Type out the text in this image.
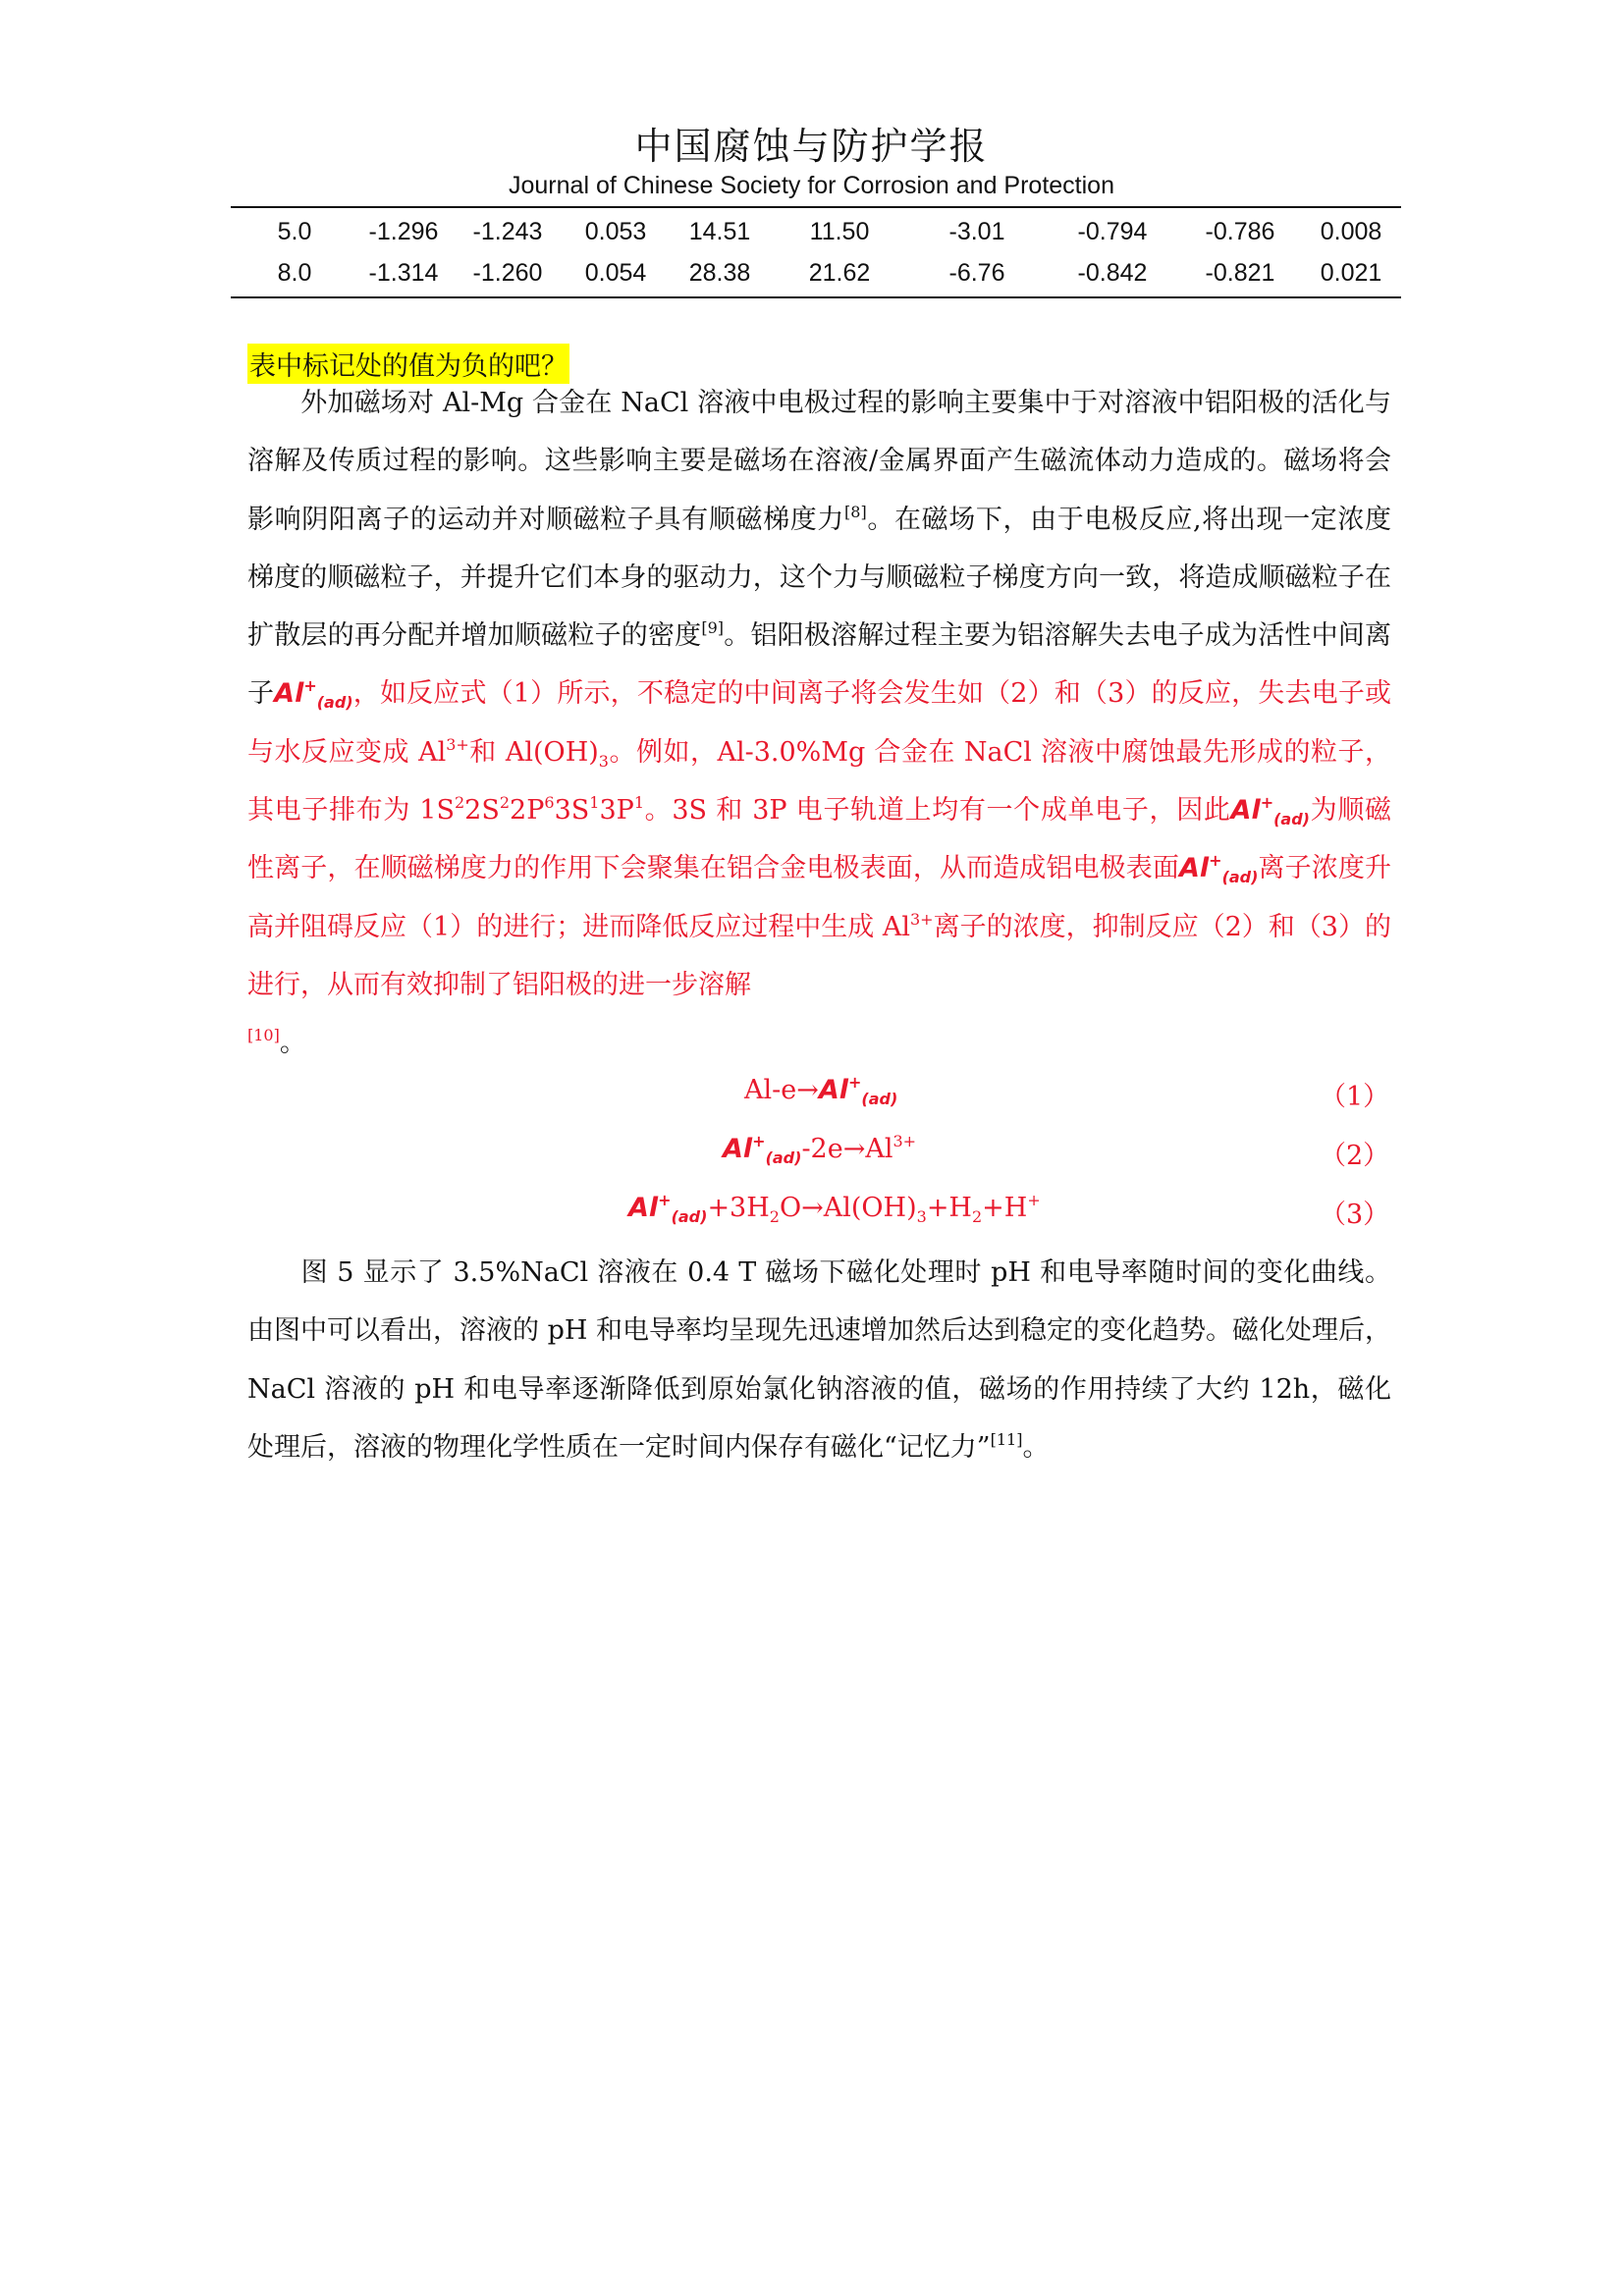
中国腐蚀与防护学报
Journal of Chinese Society for Corrosion and Protection
5.0	-1.296	-1.243	0.053	14.51	11.50	-3.01	-0.794	-0.786	0.008
8.0	-1.314	-1.260	0.054	28.38	21.62	-6.76	-0.842	-0.821	0.021
表中标记处的值为负的吧？
外加磁场对 Al-Mg 合金在 NaCl 溶液中电极过程的影响主要集中于对溶液中铝阳极的活化与溶解及传质过程的影响。这些影响主要是磁场在溶液/金属界面产生磁流体动力造成的。磁场将会影响阴阳离子的运动并对顺磁粒子具有顺磁梯度力[8]。在磁场下，由于电极反应,将出现一定浓度梯度的顺磁粒子，并提升它们本身的驱动力，这个力与顺磁粒子梯度方向一致，将造成顺磁粒子在扩散层的再分配并增加顺磁粒子的密度[9]。铝阳极溶解过程主要为铝溶解失去电子成为活性中间离子$Al^+_{(ad)}$，如反应式（1）所示，不稳定的中间离子将会发生如（2）和（3）的反应，失去电子或与水反应变成 $Al^{3+}$和 $Al(OH)_3$。例如，Al-3.0%Mg 合金在 NaCl 溶液中腐蚀最先形成的粒子，其电子排布为 $1S^22S^22P^63S^13P^1$。3S 和 3P 电子轨道上均有一个成单电子，因此$Al^+_{(ad)}$为顺磁性离子，在顺磁梯度力的作用下会聚集在铝合金电极表面，从而造成铝电极表面$Al^+_{(ad)}$离子浓度升高并阻碍反应（1）的进行；进而降低反应过程中生成 $Al^{3+}$离子的浓度，抑制反应（2）和（3）的进行，从而有效抑制了铝阳极的进一步溶解
[10]。
$Al-e\to Al^+_{(ad)}$	（1）
$Al^+_{(ad)}-2e\to Al^{3+}$	（2）
$Al^+_{(ad)}+3H_2O\to Al(OH)_3+H_2+H^+$	（3）
图 5 显示了 3.5%NaCl 溶液在 0.4 T 磁场下磁化处理时 pH 和电导率随时间的变化曲线。由图中可以看出，溶液的 pH 和电导率均呈现先迅速增加然后达到稳定的变化趋势。磁化处理后，NaCl 溶液的 pH 和电导率逐渐降低到原始氯化钠溶液的值，磁场的作用持续了大约 12h，磁化处理后，溶液的物理化学性质在一定时间内保存有磁化“记忆力”[11]。
